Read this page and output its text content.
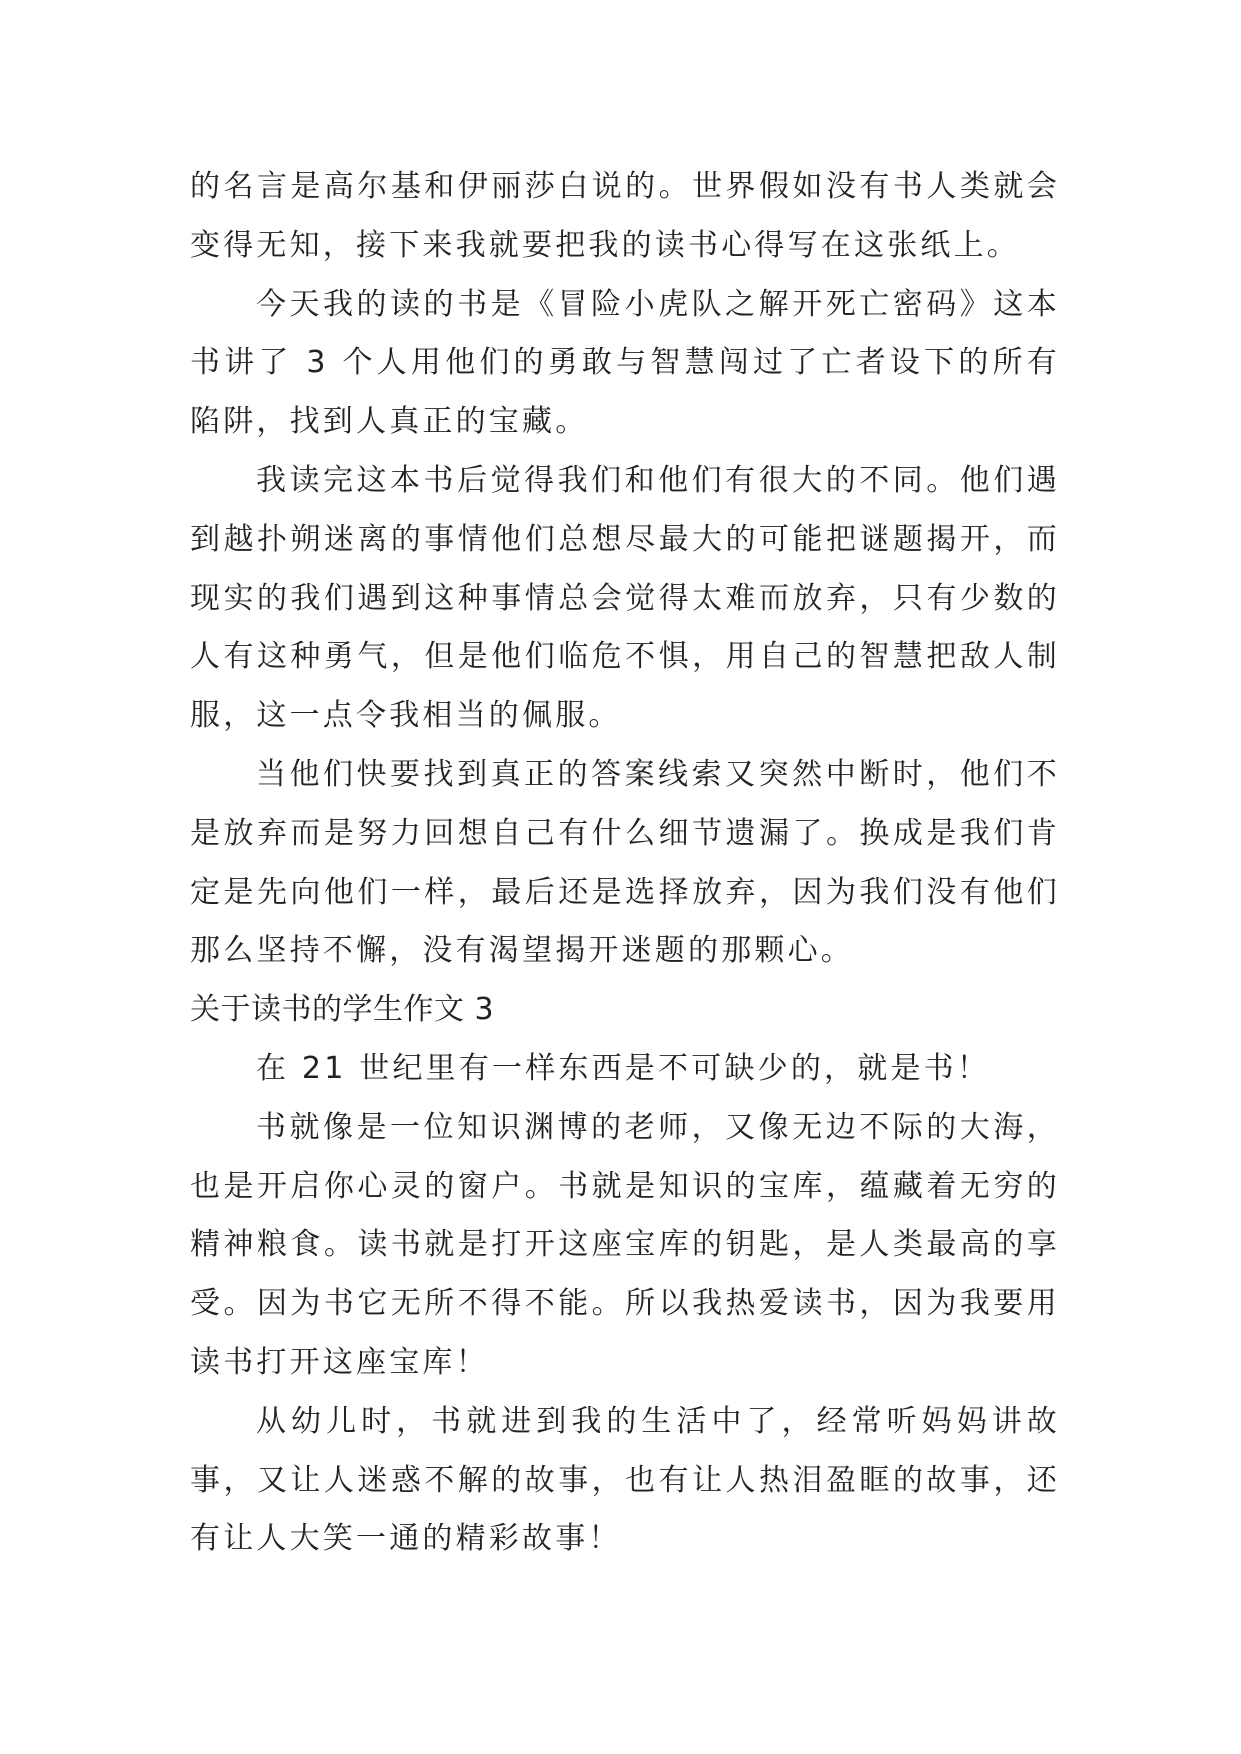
的名言是高尔基和伊丽莎白说的。世界假如没有书人类就会变得无知，接下来我就要把我的读书心得写在这张纸上。

今天我的读的书是《冒险小虎队之解开死亡密码》这本书讲了 3 个人用他们的勇敢与智慧闯过了亡者设下的所有陷阱，找到人真正的宝藏。

我读完这本书后觉得我们和他们有很大的不同。他们遇到越扑朔迷离的事情他们总想尽最大的可能把谜题揭开，而现实的我们遇到这种事情总会觉得太难而放弃，只有少数的人有这种勇气，但是他们临危不惧，用自己的智慧把敌人制服，这一点令我相当的佩服。

当他们快要找到真正的答案线索又突然中断时，他们不是放弃而是努力回想自己有什么细节遗漏了。换成是我们肯定是先向他们一样，最后还是选择放弃，因为我们没有他们那么坚持不懈，没有渴望揭开迷题的那颗心。

关于读书的学生作文 3

在 21 世纪里有一样东西是不可缺少的，就是书！

书就像是一位知识渊博的老师，又像无边不际的大海，也是开启你心灵的窗户。书就是知识的宝库，蕴藏着无穷的精神粮食。读书就是打开这座宝库的钥匙，是人类最高的享受。因为书它无所不得不能。所以我热爱读书，因为我要用读书打开这座宝库！

从幼儿时，书就进到我的生活中了，经常听妈妈讲故事，又让人迷惑不解的故事，也有让人热泪盈眶的故事，还有让人大笑一通的精彩故事！
